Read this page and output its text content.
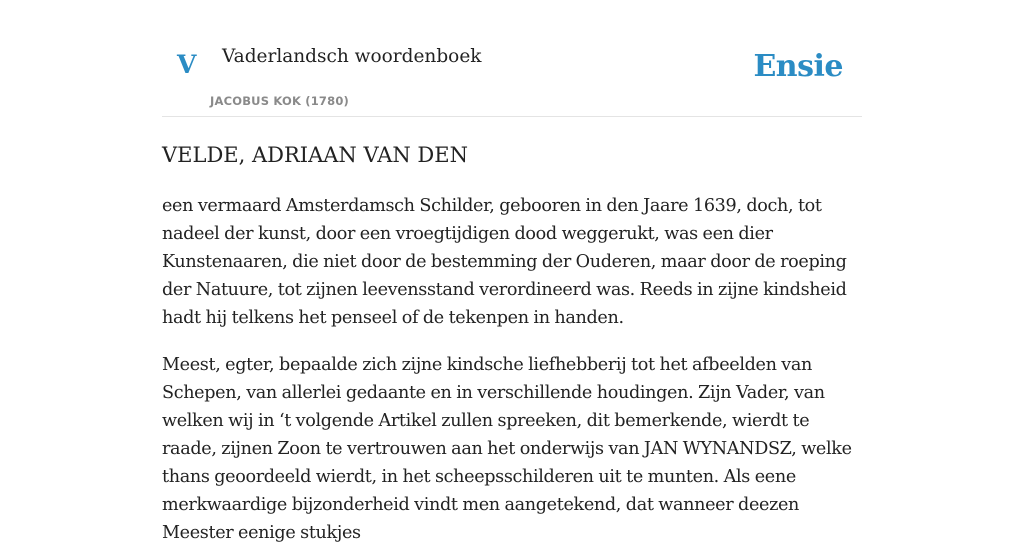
V Vaderlandsch woordenboek
JACOBUS KOK (1780)
Ensie
VELDE, ADRIAAN VAN DEN

een vermaard Amsterdamsch Schilder, gebooren in den Jaare 1639, doch, tot nadeel der kunst, door een vroegtijdigen dood weggerukt, was een dier Kunstenaaren, die niet door de bestemming der Ouderen, maar door de roeping der Natuure, tot zijnen leevensstand verordineerd was. Reeds in zijne kindsheid hadt hij telkens het penseel of de tekenpen in handen.

Meest, egter, bepaalde zich zijne kindsche liefhebberij tot het afbeelden van Schepen, van allerlei gedaante en in verschillende houdingen. Zijn Vader, van welken wij in ‘t volgende Artikel zullen spreeken, dit bemerkende, wierdt te raade, zijnen Zoon te vertrouwen aan het onderwijs van JAN WYNANDSZ, welke thans geoordeeld wierdt, in het scheepsschilderen uit te munten. Als eene merkwaardige bijzonderheid vindt men aangetekend, dat wanneer deezen Meester eenige stukjes
